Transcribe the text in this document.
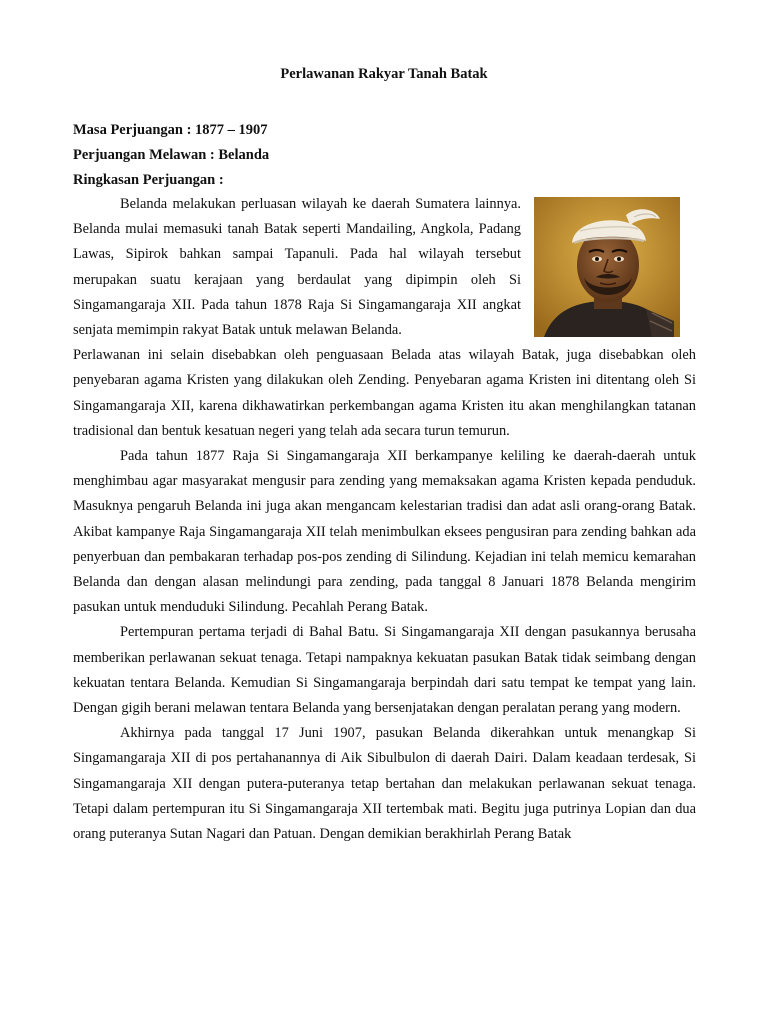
Perlawanan Rakyar Tanah Batak
Masa Perjuangan : 1877 – 1907
Perjuangan Melawan : Belanda
Ringkasan Perjuangan :

Belanda melakukan perluasan wilayah ke daerah Sumatera lainnya. Belanda mulai memasuki tanah Batak seperti Mandailing, Angkola, Padang Lawas, Sipirok bahkan sampai Tapanuli. Pada hal wilayah tersebut merupakan suatu kerajaan yang berdaulat yang dipimpin oleh Si Singamangaraja XII. Pada tahun 1878 Raja Si Singamangaraja XII angkat senjata memimpin rakyat Batak untuk melawan Belanda.

Perlawanan ini selain disebabkan oleh penguasaan Belada atas wilayah Batak, juga disebabkan oleh penyebaran agama Kristen yang dilakukan oleh Zending. Penyebaran agama Kristen ini ditentang oleh Si Singamangaraja XII, karena dikhawatirkan perkembangan agama Kristen itu akan menghilangkan tatanan tradisional dan bentuk kesatuan negeri yang telah ada secara turun temurun.

Pada tahun 1877 Raja Si Singamangaraja XII berkampanye keliling ke daerah-daerah untuk menghimbau agar masyarakat mengusir para zending yang memaksakan agama Kristen kepada penduduk. Masuknya pengaruh Belanda ini juga akan mengancam kelestarian tradisi dan adat asli orang-orang Batak. Akibat kampanye Raja Singamangaraja XII telah menimbulkan eksees pengusiran para zending bahkan ada penyerbuan dan pembakaran terhadap pos-pos zending di Silindung. Kejadian ini telah memicu kemarahan Belanda dan dengan alasan melindungi para zending, pada tanggal 8 Januari 1878 Belanda mengirim pasukan untuk menduduki Silindung. Pecahlah Perang Batak.

Pertempuran pertama terjadi di Bahal Batu. Si Singamangaraja XII dengan pasukannya berusaha memberikan perlawanan sekuat tenaga. Tetapi nampaknya kekuatan pasukan Batak tidak seimbang dengan kekuatan tentara Belanda. Kemudian Si Singamangaraja berpindah dari satu tempat ke tempat yang lain. Dengan gigih berani melawan tentara Belanda yang bersenjatakan dengan peralatan perang yang modern.

Akhirnya pada tanggal 17 Juni 1907, pasukan Belanda dikerahkan untuk menangkap Si Singamangaraja XII di pos pertahanannya di Aik Sibulbulon di daerah Dairi. Dalam keadaan terdesak, Si Singamangaraja XII dengan putera-puteranya tetap bertahan dan melakukan perlawanan sekuat tenaga. Tetapi dalam pertempuran itu Si Singamangaraja XII tertembak mati. Begitu juga putrinya Lopian dan dua orang puteranya Sutan Nagari dan Patuan. Dengan demikian berakhirlah Perang Batak
